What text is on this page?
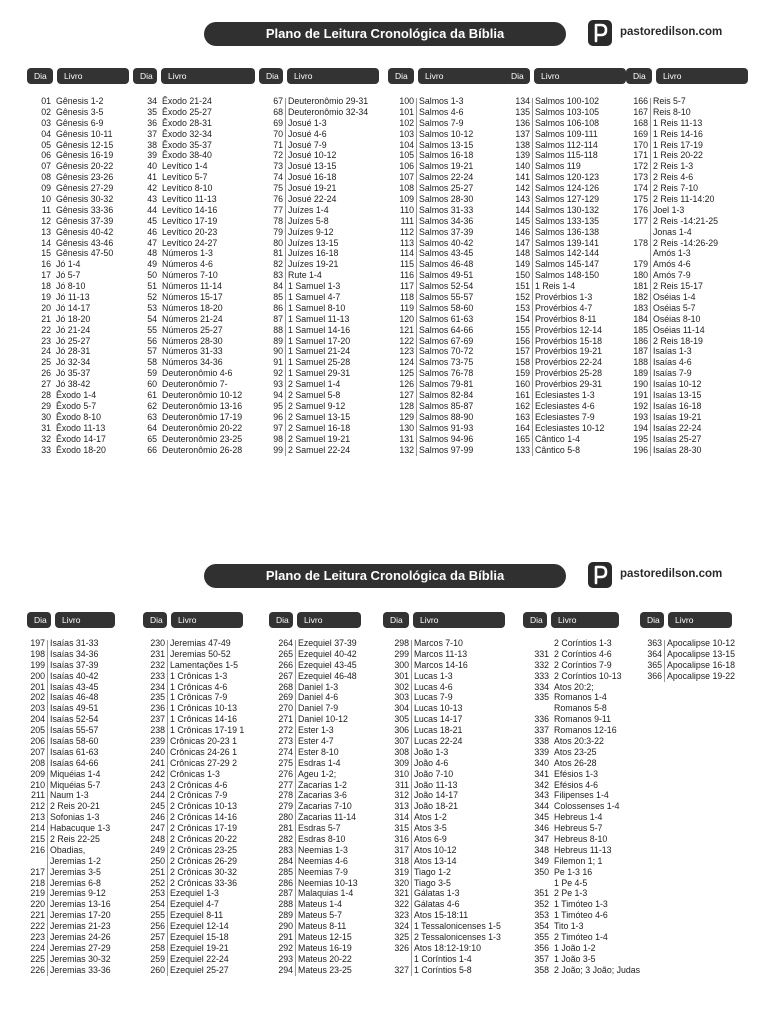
Plano de Leitura Cronológica da Bíblia	pastoredilson.com
Dia	Livro
01 Gênesis 1-2
02 Gênesis 3-5
03 Gênesis 6-9
04 Gênesis 10-11
05 Gênesis 12-15
06 Gênesis 16-19
07 Gênesis 20-22
08 Gênesis 23-26
09 Gênesis 27-29
10 Gênesis 30-32
11 Gênesis 33-36
12 Gênesis 37-39
13 Gênesis 40-42
14 Gênesis 43-46
15 Gênesis 47-50
16 Jó 1-4
17 Jó 5-7
18 Jó 8-10
19 Jó 11-13
20 Jó 14-17
21 Jó 18-20
22 Jó 21-24
23 Jó 25-27
24 Jó 28-31
25 Jó 32-34
26 Jó 35-37
27 Jó 38-42
28 Êxodo 1-4
29 Êxodo 5-7
30 Êxodo 8-10
31 Êxodo 11-13
32 Êxodo 14-17
33 Êxodo 18-20
Dia	Livro
34 Êxodo 21-24
35 Êxodo 25-27
36 Êxodo 28-31
37 Êxodo 32-34
38 Êxodo 35-37
39 Êxodo 38-40
40 Levítico 1-4
41 Levítico 5-7
42 Levítico 8-10
43 Levítico 11-13
44 Levítico 14-16
45 Levítico 17-19
46 Levítico 20-23
47 Levítico 24-27
48 Números 1-3
49 Números 4-6
50 Números 7-10
51 Números 11-14
52 Números 15-17
53 Números 18-20
54 Números 21-24
55 Números 25-27
56 Números 28-30
57 Números 31-33
58 Números 34-36
59 Deuteronômio 4-6
60 Deuteronômio 7-
61 Deuteronômio 10-12
62 Deuteronômio 13-16
63 Deuteronômio 17-19
64 Deuteronômio 20-22
65 Deuteronômio 23-25
66 Deuteronômio 26-28
Dia	Livro
67 Deuteronômio 29-31
68 Deuteronômio 32-34
69 Josué 1-3
70 Josué 4-6
71 Josué 7-9
72 Josué 10-12
73 Josué 13-15
74 Josué 16-18
75 Josué 19-21
76 Josué 22-24
77 Juízes 1-4
78 Juízes 5-8
79 Juízes 9-12
80 Juízes 13-15
81 Juízes 16-18
82 Juízes 19-21
83 Rute 1-4
84 1 Samuel 1-3
85 1 Samuel 4-7
86 1 Samuel 8-10
87 1 Samuel 11-13
88 1 Samuel 14-16
89 1 Samuel 17-20
90 1 Samuel 21-24
91 1 Samuel 25-28
92 1 Samuel 29-31
93 2 Samuel 1-4
94 2 Samuel 5-8
95 2 Samuel 9-12
96 2 Samuel 13-15
97 2 Samuel 16-18
98 2 Samuel 19-21
99 2 Samuel 22-24
Dia	Livro
100 Salmos 1-3
101 Salmos 4-6
102 Salmos 7-9
103 Salmos 10-12
104 Salmos 13-15
105 Salmos 16-18
106 Salmos 19-21
107 Salmos 22-24
108 Salmos 25-27
109 Salmos 28-30
110 Salmos 31-33
111 Salmos 34-36
112 Salmos 37-39
113 Salmos 40-42
114 Salmos 43-45
115 Salmos 46-48
116 Salmos 49-51
117 Salmos 52-54
118 Salmos 55-57
119 Salmos 58-60
120 Salmos 61-63
121 Salmos 64-66
122 Salmos 67-69
123 Salmos 70-72
124 Salmos 73-75
125 Salmos 76-78
126 Salmos 79-81
127 Salmos 82-84
128 Salmos 85-87
129 Salmos 88-90
130 Salmos 91-93
131 Salmos 94-96
132 Salmos 97-99
Dia	Livro
134 Salmos 100-102
135 Salmos 103-105
136 Salmos 106-108
137 Salmos 109-111
138 Salmos 112-114
139 Salmos 115-118
140 Salmos 119
141 Salmos 120-123
142 Salmos 124-126
143 Salmos 127-129
144 Salmos 130-132
145 Salmos 133-135
146 Salmos 136-138
147 Salmos 139-141
148 Salmos 142-144
149 Salmos 145-147
150 Salmos 148-150
151 1 Reis 1-4
152 Provérbios 1-3
153 Provérbios 4-7
154 Provérbios 8-11
155 Provérbios 12-14
156 Provérbios 15-18
157 Provérbios 19-21
158 Provérbios 22-24
159 Provérbios 25-28
160 Provérbios 29-31
161 Eclesiastes 1-3
162 Eclesiastes 4-6
163 Eclesiastes 7-9
164 Eclesiastes 10-12
165 Cântico 1-4
133 Cântico 5-8
Dia	Livro
166 Reis 5-7
167 Reis 8-10
168 1 Reis 11-13
169 1 Reis 14-16
170 1 Reis 17-19
171 1 Reis 20-22
172 2 Reis 1-3
173 2 Reis 4-6
174 2 Reis 7-10
175 2 Reis 11-14:20
176 Joel 1-3
177 2 Reis -14:21-25
Jonas 1-4
178 2 Reis -14:26-29
Amós 1-3
179 Amós 4-6
180 Amós 7-9
181 2 Reis 15-17
182 Oséias 1-4
183 Oséias 5-7
184 Oséias 8-10
185 Oséias 11-14
186 2 Reis 18-19
187 Isaías 1-3
188 Isaías 4-6
189 Isaías 7-9
190 Isaías 10-12
191 Isaías 13-15
192 Isaías 16-18
193 Isaías 19-21
194 Isaías 22-24
195 Isaías 25-27
196 Isaías 28-30
Plano de Leitura Cronológica da Bíblia	pastoredilson.com
Dia	Livro
197 Isaías 31-33
198 Isaías 34-36
199 Isaías 37-39
200 Isaías 40-42
201 Isaías 43-45
202 Isaías 46-48
203 Isaías 49-51
204 Isaías 52-54
205 Isaías 55-57
206 Isaías 58-60
207 Isaías 61-63
208 Isaías 64-66
209 Miquéias 1-4
210 Miquéias 5-7
211 Naum 1-3
212 2 Reis 20-21
213 Sofonias 1-3
214 Habacuque 1-3
215 2 Reis 22-25
216 Obadias,
Jeremias 1-2
217 Jeremias 3-5
218 Jeremias 6-8
219 Jeremias 9-12
220 Jeremias 13-16
221 Jeremias 17-20
222 Jeremias 21-23
223 Jeremias 24-26
224 Jeremias 27-29
225 Jeremias 30-32
226 Jeremias 33-36
Dia	Livro
230 Jeremias 47-49
231 Jeremias 50-52
232 Lamentações 1-5
233 1 Crônicas 1-3
234 1 Crônicas 4-6
235 1 Crônicas 7-9
236 1 Crônicas 10-13
237 1 Crônicas 14-16
238 1 Crônicas 17-19 1
239 Crônicas 20-23 1
240 Crônicas 24-26 1
241 Crônicas 27-29 2
242 Crônicas 1-3
243 2 Crônicas 4-6
244 2 Crônicas 7-9
245 2 Crônicas 10-13
246 2 Crônicas 14-16
247 2 Crônicas 17-19
248 2 Crônicas 20-22
249 2 Crônicas 23-25
250 2 Crônicas 26-29
251 2 Crônicas 30-32
252 2 Crônicas 33-36
253 Ezequiel 1-3
254 Ezequiel 4-7
255 Ezequiel 8-11
256 Ezequiel 12-14
257 Ezequiel 15-18
258 Ezequiel 19-21
259 Ezequiel 22-24
260 Ezequiel 25-27
Dia	Livro
264 Ezequiel 37-39
265 Ezequiel 40-42
266 Ezequiel 43-45
267 Ezequiel 46-48
268 Daniel 1-3
269 Daniel 4-6
270 Daniel 7-9
271 Daniel 10-12
272 Ester 1-3
273 Ester 4-7
274 Ester 8-10
275 Esdras 1-4
276 Ageu 1-2;
277 Zacarias 1-2
278 Zacarias 3-6
279 Zacarias 7-10
280 Zacarias 11-14
281 Esdras 5-7
282 Esdras 8-10
283 Neemias 1-3
284 Neemias 4-6
285 Neemias 7-9
286 Neemias 10-13
287 Malaquias 1-4
288 Mateus 1-4
289 Mateus 5-7
290 Mateus 8-11
291 Mateus 12-15
292 Mateus 16-19
293 Mateus 20-22
294 Mateus 23-25
Dia	Livro
298 Marcos 7-10
299 Marcos 11-13
300 Marcos 14-16
301 Lucas 1-3
302 Lucas 4-6
303 Lucas 7-9
304 Lucas 10-13
305 Lucas 14-17
306 Lucas 18-21
307 Lucas 22-24
308 João 1-3
309 João 4-6
310 João 7-10
311 João 11-13
312 João 14-17
313 João 18-21
314 Atos 1-2
315 Atos 3-5
316 Atos 6-9
317 Atos 10-12
318 Atos 13-14
319 Tiago 1-2
320 Tiago 3-5
321 Gálatas 1-3
322 Gálatas 4-6
323 Atos 15-18:11
324 1 Tessalonicenses 1-5
325 2 Tessalonicenses 1-3
326 Atos 18:12-19:10
1 Coríntios 1-4
327 1 Coríntios 5-8
Dia	Livro
2 Coríntios 1-3
331 2 Coríntios 4-6
332 2 Coríntios 7-9
333 2 Coríntios 10-13
334 Atos 20:2;
335 Romanos 1-4
Romanos 5-8
336 Romanos 9-11
337 Romanos 12-16
338 Atos 20:3-22
339 Atos 23-25
340 Atos 26-28
341 Efésios 1-3
342 Efésios 4-6
343 Filipenses 1-4
344 Colossenses 1-4
345 Hebreus 1-4
346 Hebreus 5-7
347 Hebreus 8-10
348 Hebreus 11-13
349 Filemon 1; 1
350 Pe 1-3 16
1 Pe 4-5
351 2 Pe 1-3
352 1 Timóteo 1-3
353 1 Timóteo 4-6
354 Tito 1-3
355 2 Timóteo 1-4
356 1 João 1-2
357 1 João 3-5
358 2 João; 3 João; Judas
Dia	Livro
363 Apocalipse 10-12
364 Apocalipse 13-15
365 Apocalipse 16-18
366 Apocalipse 19-22
